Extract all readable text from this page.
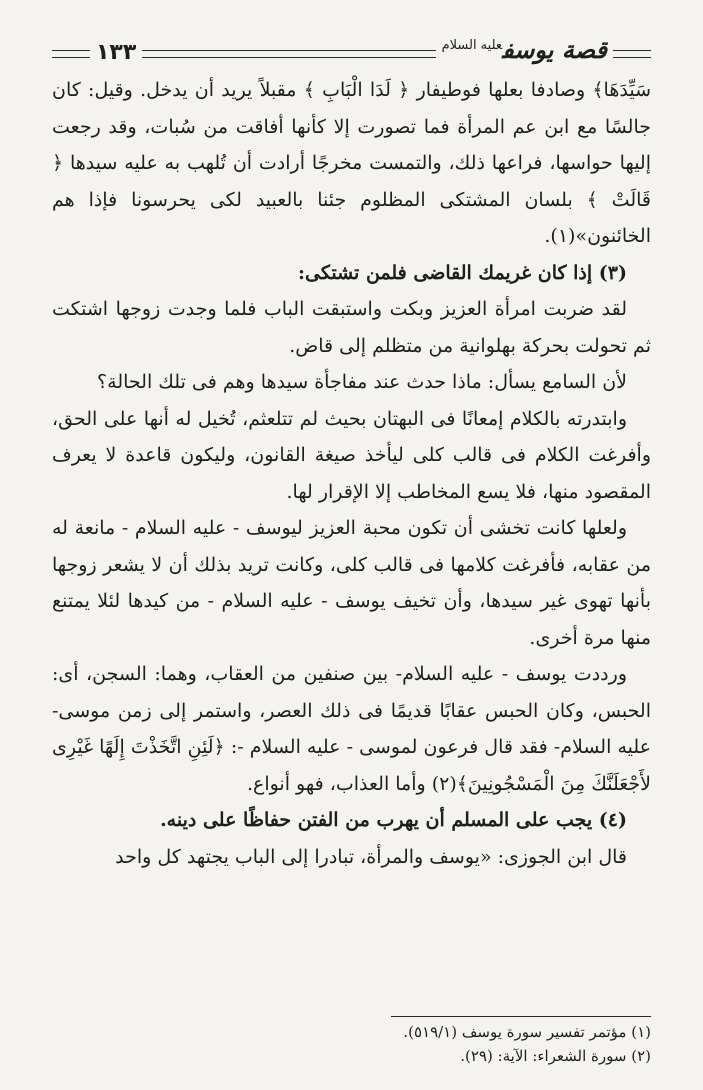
١٣٣	قصة يوسف$^{عليه السلام}$

سَيِّدَهَا﴾ وصادفا بعلها فوطيفار ﴿ لَدَا الْبَابِ ﴾ مقبلاً يريد أن يدخل. وقيل: كان جالسًا مع ابن عم المرأة فما تصورت إلا كأنها أفاقت من سُبات، وقد رجعت إليها حواسها، فراعها ذلك، والتمست مخرجًا أرادت أن تُلهب به عليه سيدها ﴿ قَالَتْ ﴾ بلسان المشتكى المظلوم جئنا بالعبيد لكى يحرسونا فإذا هم الخائنون»(١).

(٣) إذا كان غريمك القاضى فلمن تشتكى:

لقد ضربت امرأة العزيز وبكت واستبقت الباب فلما وجدت زوجها اشتكت ثم تحولت بحركة بهلوانية من متظلم إلى قاض.

لأن السامع يسأل: ماذا حدث عند مفاجأة سيدها وهم فى تلك الحالة؟

وابتدرته بالكلام إمعانًا فى البهتان بحيث لم تتلعثم، تُخيل له أنها على الحق، وأفرغت الكلام فى قالب كلى ليأخذ صيغة القانون، وليكون قاعدة لا يعرف المقصود منها، فلا يسع المخاطب إلا الإقرار لها.

ولعلها كانت تخشى أن تكون محبة العزيز ليوسف - عليه السلام - مانعة له من عقابه، فأفرغت كلامها فى قالب كلى، وكانت تريد بذلك أن لا يشعر زوجها بأنها تهوى غير سيدها، وأن تخيف يوسف - عليه السلام - من كيدها لئلا يمتنع منها مرة أخرى.

ورددت يوسف - عليه السلام- بين صنفين من العقاب، وهما: السجن، أى: الحبس، وكان الحبس عقابًا قديمًا فى ذلك العصر، واستمر إلى زمن موسى- عليه السلام- فقد قال فرعون لموسى - عليه السلام -: ﴿لَئِنِ اتَّخَذْتَ إِلَهًا غَيْرِى لأَجْعَلَنَّكَ مِنَ الْمَسْجُونِينَ﴾(٢) وأما العذاب، فهو أنواع.

(٤) يجب على المسلم أن يهرب من الفتن حفاظًا على دينه.

قال ابن الجوزى: «يوسف والمرأة، تبادرا إلى الباب يجتهد كل واحد

(١) مؤتمر تفسير سورة يوسف (٥١٩/١).

(٢) سورة الشعراء: الآية: (٢٩).
